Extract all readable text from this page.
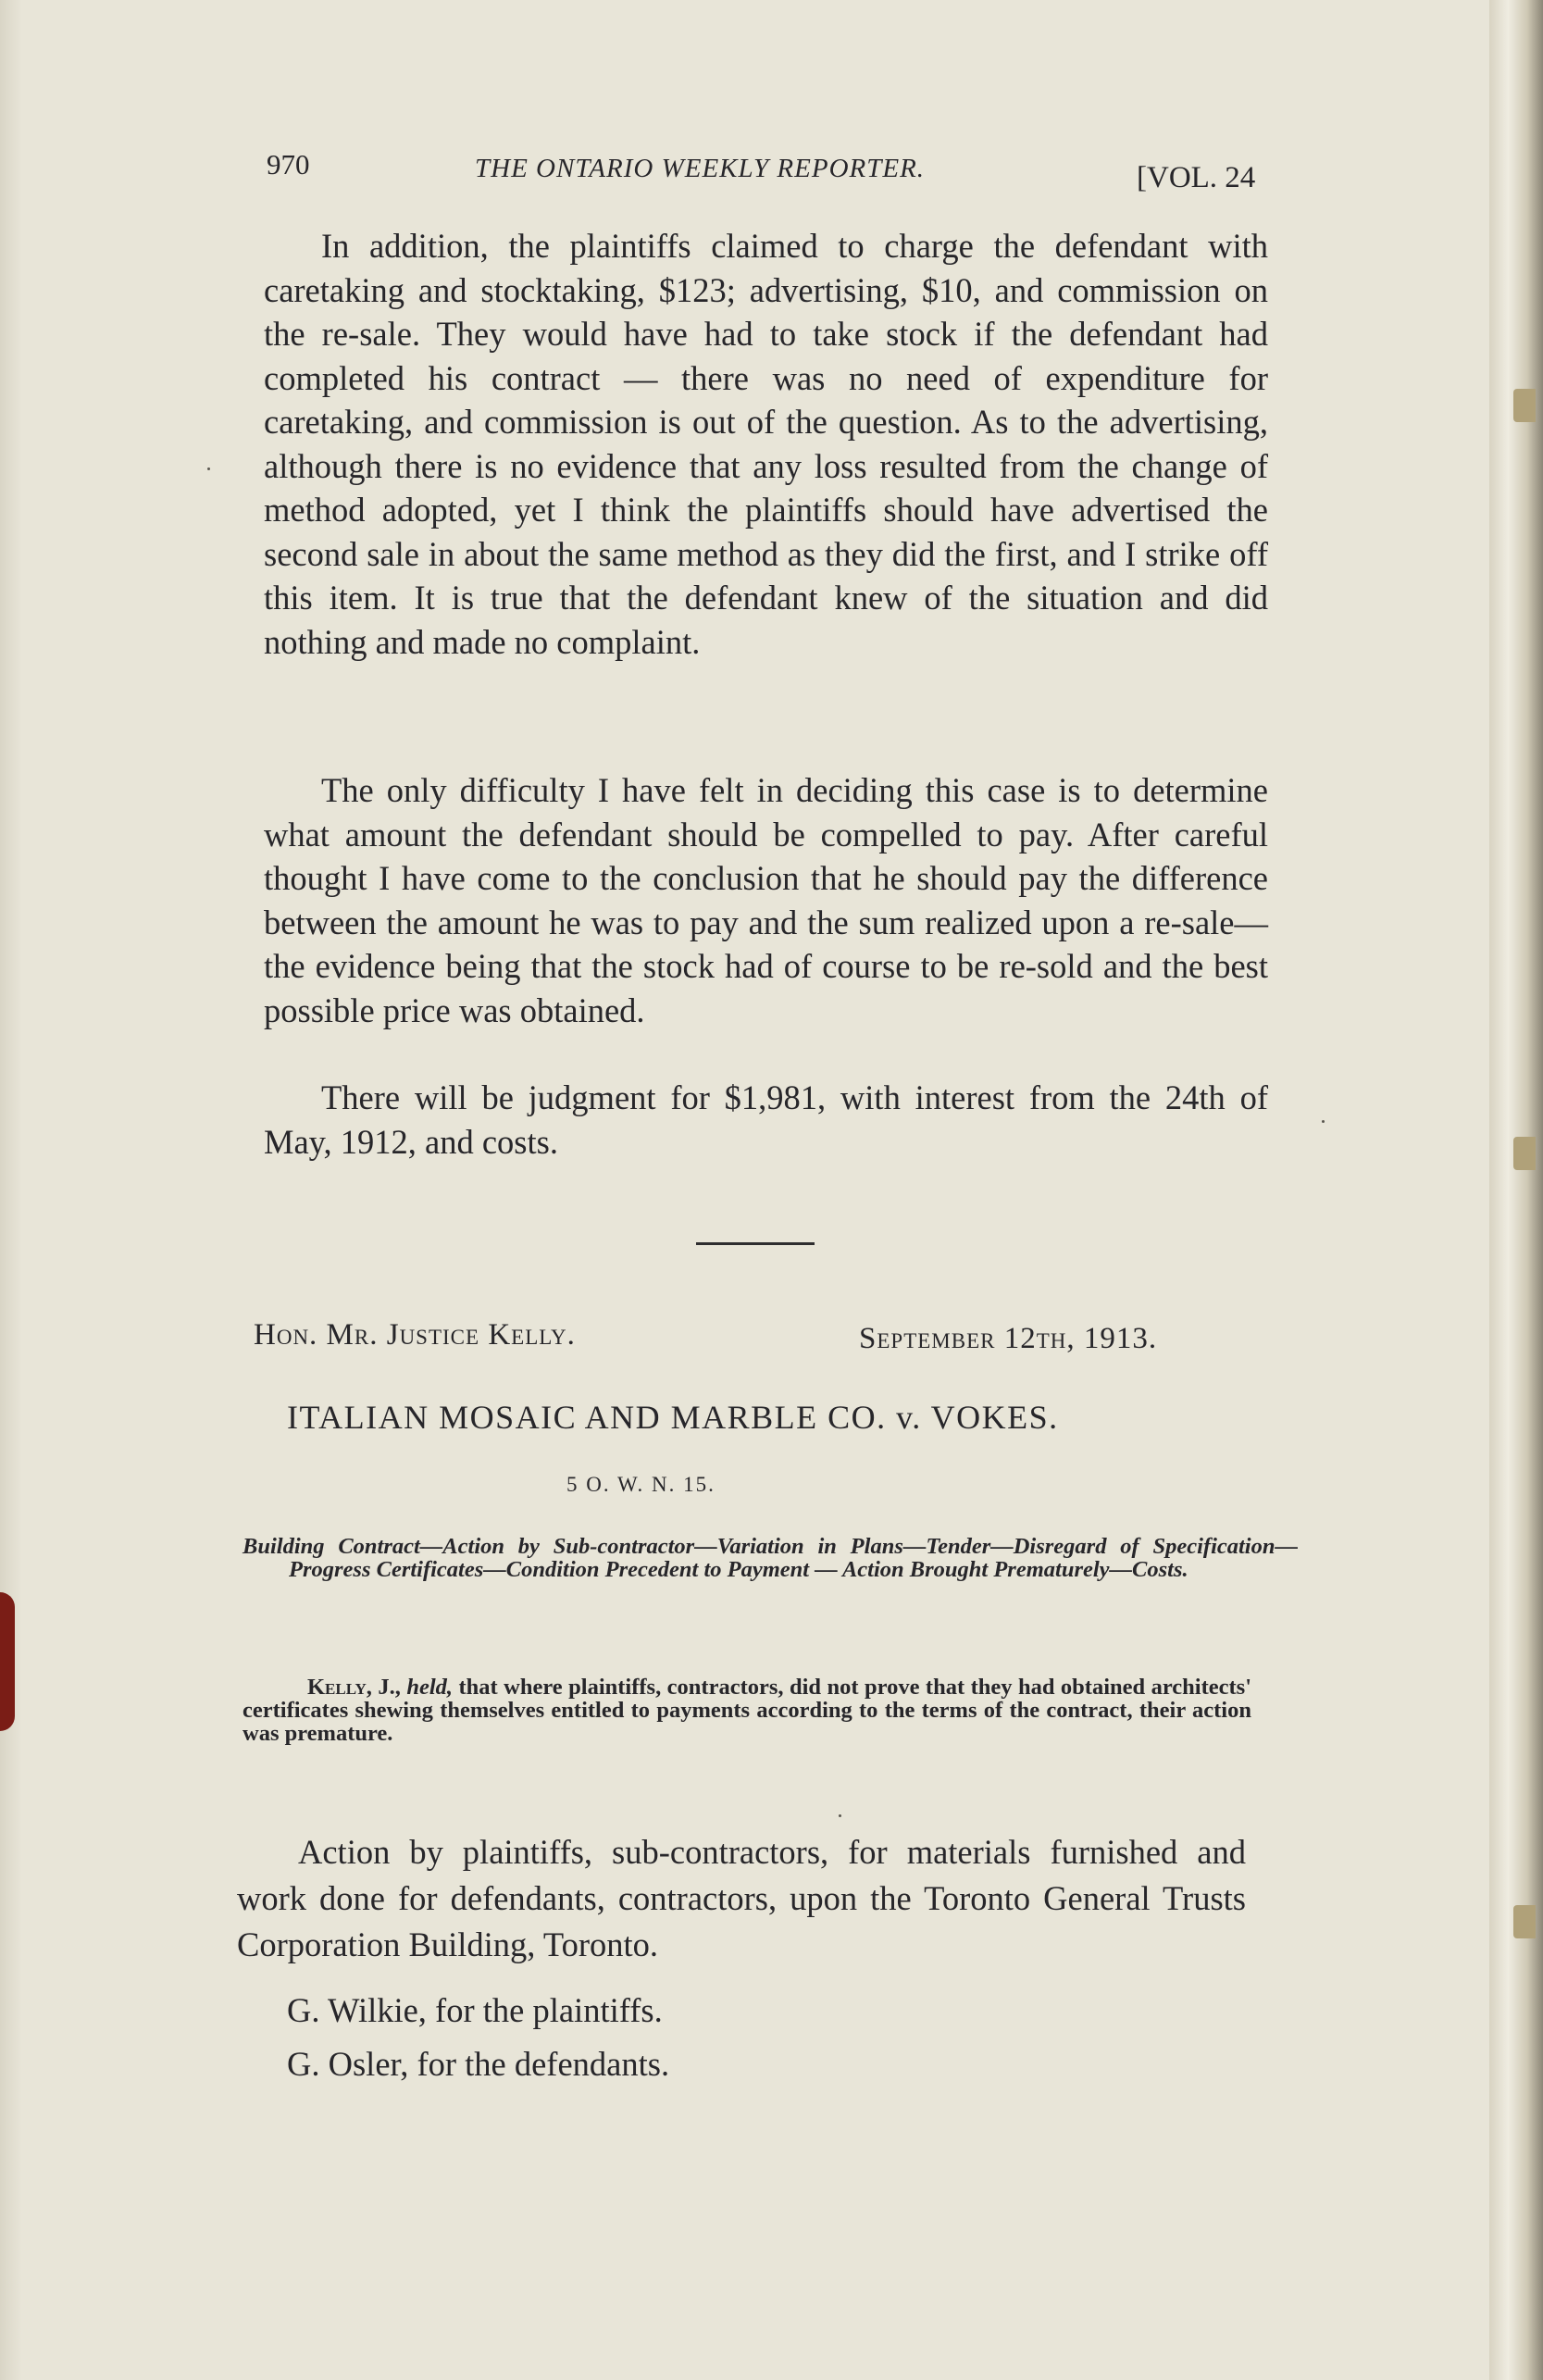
970	THE ONTARIO WEEKLY REPORTER.	[VOL. 24

In addition, the plaintiffs claimed to charge the defendant with caretaking and stocktaking, $123; advertising, $10, and commission on the re-sale. They would have had to take stock if the defendant had completed his contract — there was no need of expenditure for caretaking, and commission is out of the question. As to the advertising, although there is no evidence that any loss resulted from the change of method adopted, yet I think the plaintiffs should have advertised the second sale in about the same method as they did the first, and I strike off this item. It is true that the defendant knew of the situation and did nothing and made no complaint.

The only difficulty I have felt in deciding this case is to determine what amount the defendant should be compelled to pay. After careful thought I have come to the conclusion that he should pay the difference between the amount he was to pay and the sum realized upon a re-sale—the evidence being that the stock had of course to be re-sold and the best possible price was obtained.

There will be judgment for $1,981, with interest from the 24th of May, 1912, and costs.

Hon. Mr. Justice Kelly.	September 12th, 1913.
ITALIAN MOSAIC AND MARBLE CO. v. VOKES.
5 O. W. N. 15.

Building Contract—Action by Sub-contractor—Variation in Plans—Tender—Disregard of Specification—Progress Certificates—Condition Precedent to Payment — Action Brought Prematurely—Costs.

Kelly, J., held, that where plaintiffs, contractors, did not prove that they had obtained architects' certificates shewing themselves entitled to payments according to the terms of the contract, their action was premature.

Action by plaintiffs, sub-contractors, for materials furnished and work done for defendants, contractors, upon the Toronto General Trusts Corporation Building, Toronto.

G. Wilkie, for the plaintiffs.
G. Osler, for the defendants.
